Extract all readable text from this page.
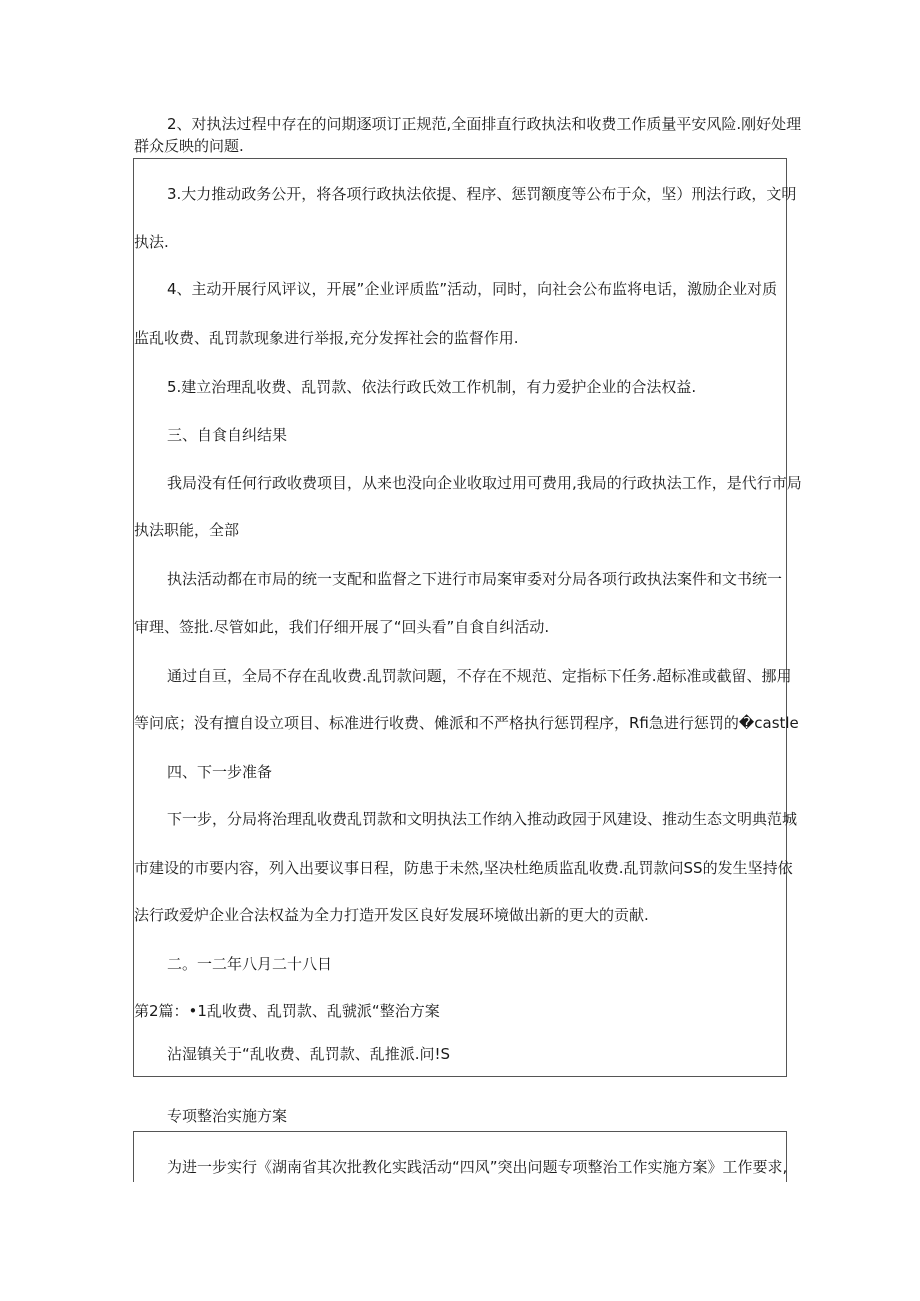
2、对执法过程中存在的问期逐项订正规范,全面排直行政执法和收费工作质量平安风险.刚好处理
群众反映的问题.
3.大力推动政务公开，将各项行政执法依提、程序、惩罚额度等公布于众，坚）刑法行政，文明
执法.
4、主动开展行风评议，开展”企业评质监”活动，同时，向社会公布监将电话，激励企业对质
监乱收费、乱罚款现象进行举报,充分发挥社会的监督作用.
5.建立治理乱收费、乱罚款、依法行政氏效工作机制，有力爱护企业的合法权益.
三、自食自纠结果
我局没有任何行政收费项目，从来也没向企业收取过用可费用,我局的行政执法工作，是代行市局
执法职能，全部
执法活动都在市局的统一支配和监督之下进行市局案审委对分局各项行政执法案件和文书统一
审理、签批.尽管如此，我们仔细开展了“回头看”自食自纠活动.
通过自亘，全局不存在乱收费.乱罚款问题，不存在不规范、定指标下任务.超标准或截留、挪用
等问底；没有擅自设立项目、标准进行收费、傩派和不严格执行惩罚程序，Rfi急进行惩罚的�castle
四、下一步准备
下一步，分局将治理乱收费乱罚款和文明执法工作纳入推动政园于风建设、推动生态文明典范城
市建设的市要内容，列入出要议事日程，防患于未然,坚决杜绝质监乱收费.乱罚款问SS的发生坚持依
法行政爱炉企业合法权益为全力打造开发区良好发展环境做出新的更大的贡献.
二。一二年八月二十八日
第2篇：•1乱收费、乱罚款、乱虢派“整治方案
沾湿镇关于“乱收费、乱罚款、乱推派.问!S
专项整治实施方案
为进一步实行《湖南省其次批教化实践活动“四风”突出问题专项整治工作实施方案》工作要求,
